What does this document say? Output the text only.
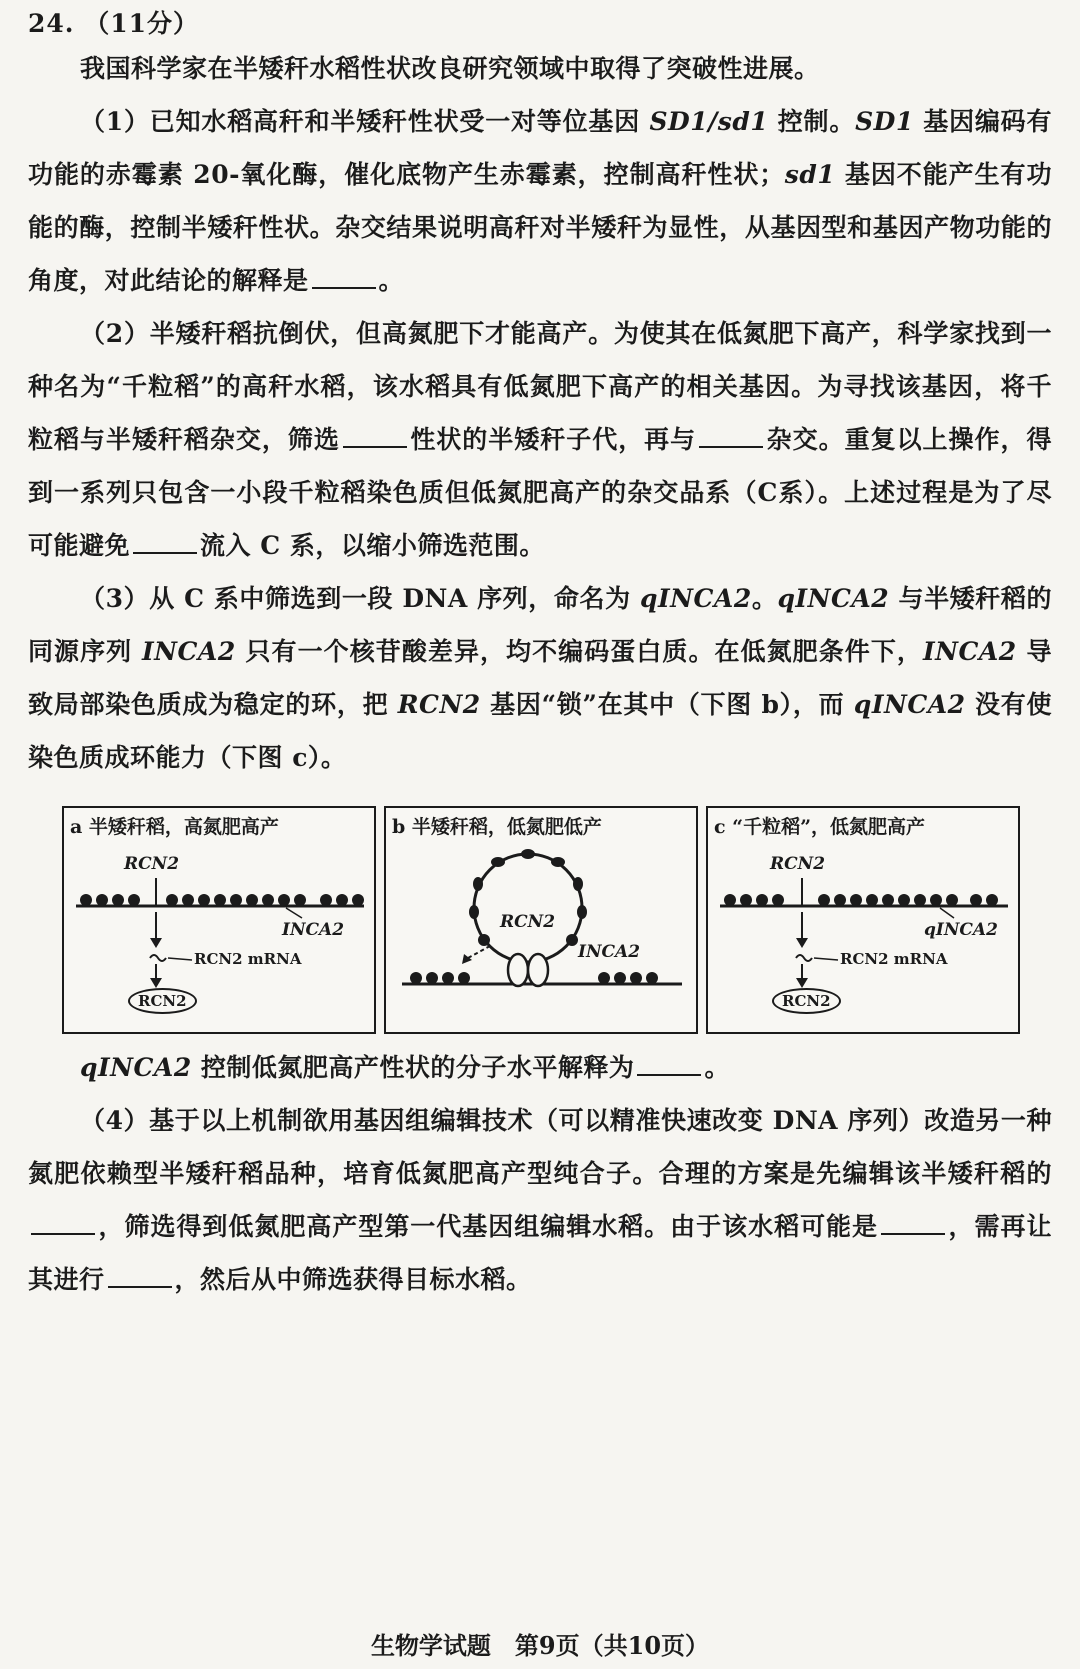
24. （11分）
我国科学家在半矮秆水稻性状改良研究领域中取得了突破性进展。
（1）已知水稻高秆和半矮秆性状受一对等位基因 SD1/sd1 控制。SD1 基因编码有功能的赤霉素 20-氧化酶，催化底物产生赤霉素，控制高秆性状；sd1 基因不能产生有功能的酶，控制半矮秆性状。杂交结果说明高秆对半矮秆为显性，从基因型和基因产物功能的角度，对此结论的解释是	。
（2）半矮秆稻抗倒伏，但高氮肥下才能高产。为使其在低氮肥下高产，科学家找到一种名为“千粒稻”的高秆水稻，该水稻具有低氮肥下高产的相关基因。为寻找该基因，将千粒稻与半矮秆稻杂交，筛选	性状的半矮秆子代，再与	杂交。重复以上操作，得到一系列只包含一小段千粒稻染色质但低氮肥高产的杂交品系（C系）。上述过程是为了尽可能避免	流入 C 系，以缩小筛选范围。
（3）从 C 系中筛选到一段 DNA 序列，命名为 qINCA2。qINCA2 与半矮秆稻的同源序列 INCA2 只有一个核苷酸差异，均不编码蛋白质。在低氮肥条件下，INCA2 导致局部染色质成为稳定的环，把 RCN2 基因“锁”在其中（下图 b），而 qINCA2 没有使染色质成环能力（下图 c）。
a 半矮秆稻，高氮肥高产
RCN2
INCA2
RCN2 mRNA
RCN2
b 半矮秆稻，低氮肥低产
RCN2
INCA2
c “千粒稻”，低氮肥高产
RCN2
qINCA2
RCN2 mRNA
RCN2
qINCA2 控制低氮肥高产性状的分子水平解释为	。
（4）基于以上机制欲用基因组编辑技术（可以精准快速改变 DNA 序列）改造另一种氮肥依赖型半矮秆稻品种，培育低氮肥高产型纯合子。合理的方案是先编辑该半矮秆稻的，筛选得到低氮肥高产型第一代基因组编辑水稻。由于该水稻可能是	，需再让其进行	，然后从中筛选获得目标水稻。
生物学试题　第9页（共10页）
